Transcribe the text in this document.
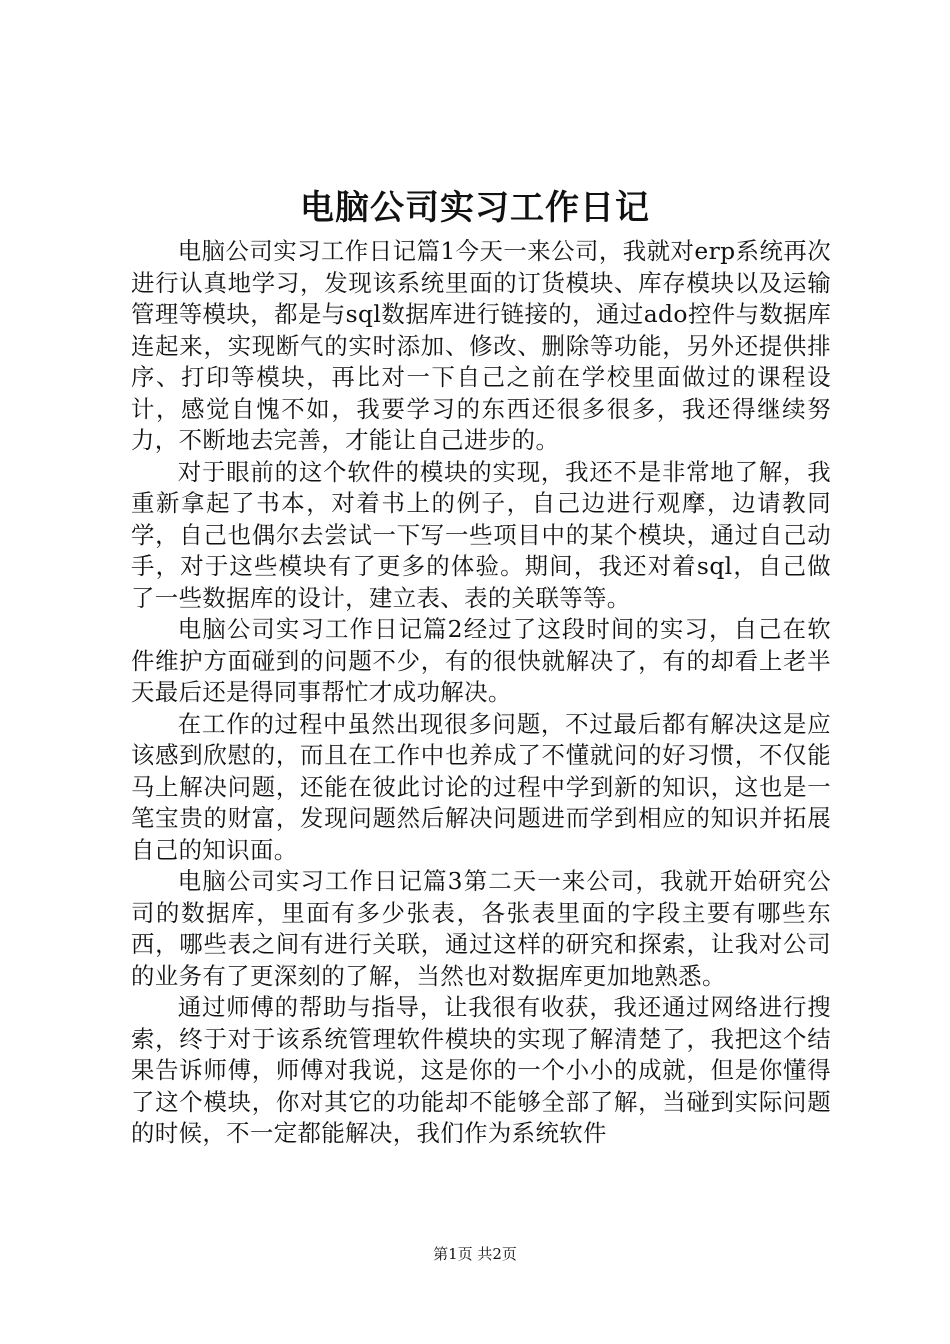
电脑公司实习工作日记

电脑公司实习工作日记篇1今天一来公司，我就对erp系统再次进行认真地学习，发现该系统里面的订货模块、库存模块以及运输管理等模块，都是与sql数据库进行链接的，通过ado控件与数据库连起来，实现断气的实时添加、修改、删除等功能，另外还提供排序、打印等模块，再比对一下自己之前在学校里面做过的课程设计，感觉自愧不如，我要学习的东西还很多很多，我还得继续努力，不断地去完善，才能让自己进步的。

对于眼前的这个软件的模块的实现，我还不是非常地了解，我重新拿起了书本，对着书上的例子，自己边进行观摩，边请教同学，自己也偶尔去尝试一下写一些项目中的某个模块，通过自己动手，对于这些模块有了更多的体验。期间，我还对着sql，自己做了一些数据库的设计，建立表、表的关联等等。

电脑公司实习工作日记篇2经过了这段时间的实习，自己在软件维护方面碰到的问题不少，有的很快就解决了，有的却看上老半天最后还是得同事帮忙才成功解决。

在工作的过程中虽然出现很多问题，不过最后都有解决这是应该感到欣慰的，而且在工作中也养成了不懂就问的好习惯，不仅能马上解决问题，还能在彼此讨论的过程中学到新的知识，这也是一笔宝贵的财富，发现问题然后解决问题进而学到相应的知识并拓展自己的知识面。

电脑公司实习工作日记篇3第二天一来公司，我就开始研究公司的数据库，里面有多少张表，各张表里面的字段主要有哪些东西，哪些表之间有进行关联，通过这样的研究和探索，让我对公司的业务有了更深刻的了解，当然也对数据库更加地熟悉。

通过师傅的帮助与指导，让我很有收获，我还通过网络进行搜索，终于对于该系统管理软件模块的实现了解清楚了，我把这个结果告诉师傅，师傅对我说，这是你的一个小小的成就，但是你懂得了这个模块，你对其它的功能却不能够全部了解，当碰到实际问题的时候，不一定都能解决，我们作为系统软件

第1页 共2页
